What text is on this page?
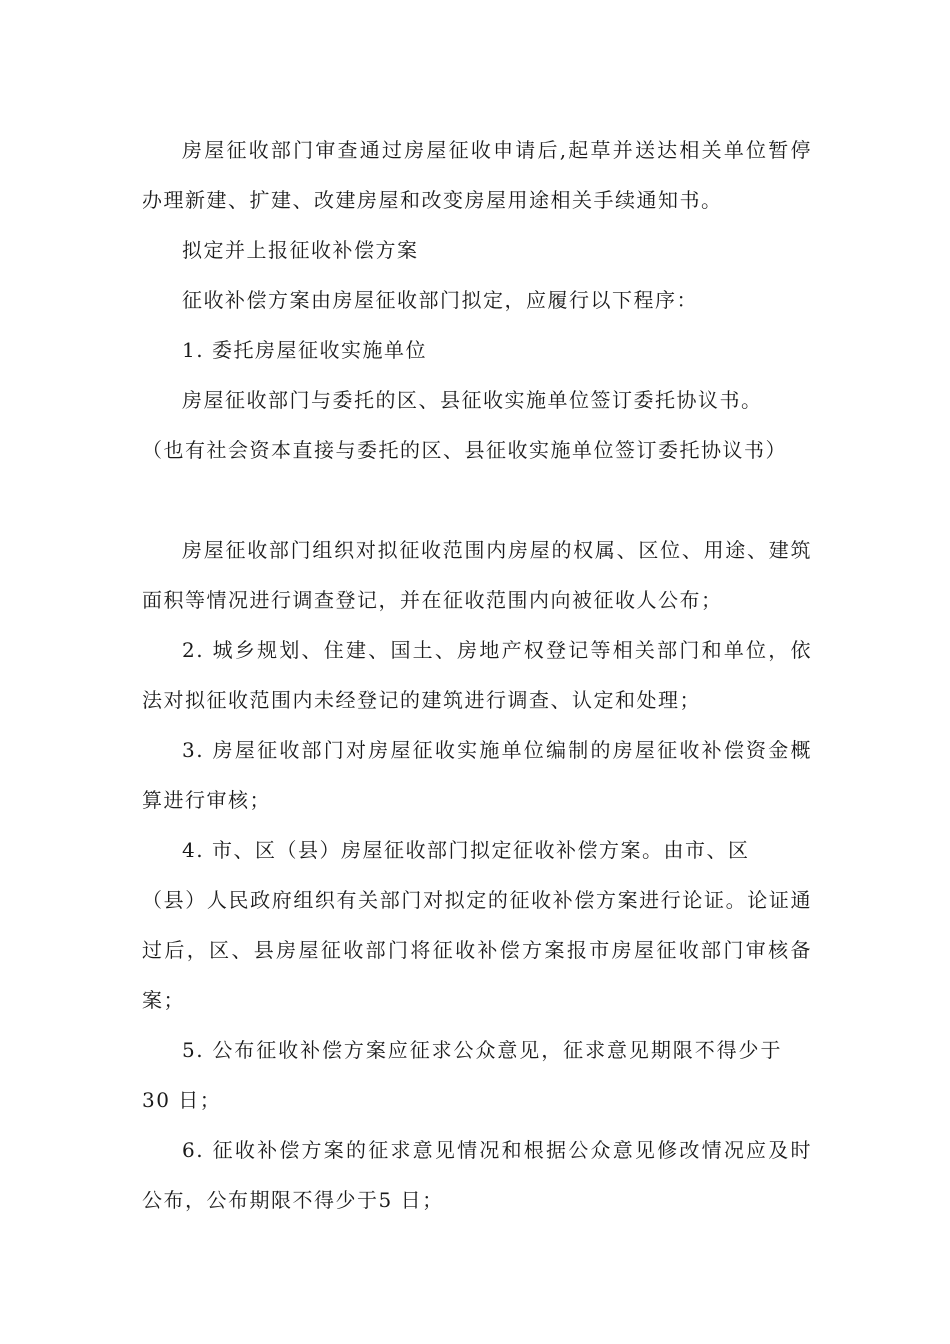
房屋征收部门审查通过房屋征收申请后,起草并送达相关单位暂停办理新建、扩建、改建房屋和改变房屋用途相关手续通知书。

拟定并上报征收补偿方案

征收补偿方案由房屋征收部门拟定，应履行以下程序：

1. 委托房屋征收实施单位

房屋征收部门与委托的区、县征收实施单位签订委托协议书。

（也有社会资本直接与委托的区、县征收实施单位签订委托协议书）

房屋征收部门组织对拟征收范围内房屋的权属、区位、用途、建筑面积等情况进行调查登记，并在征收范围内向被征收人公布；

2. 城乡规划、住建、国土、房地产权登记等相关部门和单位，依法对拟征收范围内未经登记的建筑进行调查、认定和处理；

3. 房屋征收部门对房屋征收实施单位编制的房屋征收补偿资金概算进行审核；

4. 市、区（县）房屋征收部门拟定征收补偿方案。由市、区

（县）人民政府组织有关部门对拟定的征收补偿方案进行论证。论证通过后，区、县房屋征收部门将征收补偿方案报市房屋征收部门审核备案；

5. 公布征收补偿方案应征求公众意见，征求意见期限不得少于30 日；

6. 征收补偿方案的征求意见情况和根据公众意见修改情况应及时公布，公布期限不得少于5 日；
